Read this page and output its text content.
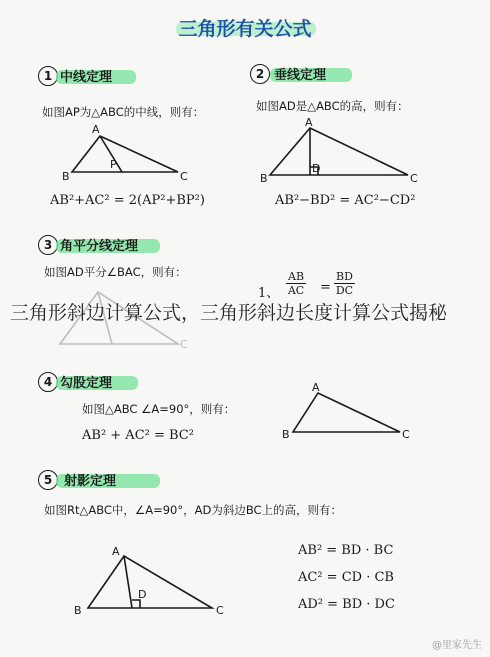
三角形有关公式
1 中线定理
如图AP为△ABC的中线，则有：
AB²+AC² = 2(AP²+BP²)
2 垂线定理
如图AD是△ABC的高，则有：
AB²−BD² = AC²−CD²
3 角平分线定理
如图AD平分∠BAC，则有：
1、 $\frac{AB}{AC} = \frac{BD}{DC}$
4 勾股定理
如图△ABC ∠A=90°，则有：
AB² + AC² = BC²
5 射影定理
如图Rt△ABC中，∠A=90°，AD为斜边BC上的高，则有：
AB² = BD · BC
AC² = CD · CB
AD² = BD · DC
A
B	C
P
A
B	C
D
C
A
B	C
A
B	C
D
三角形斜边计算公式，三角形斜边长度计算公式揭秘
@里家先生
